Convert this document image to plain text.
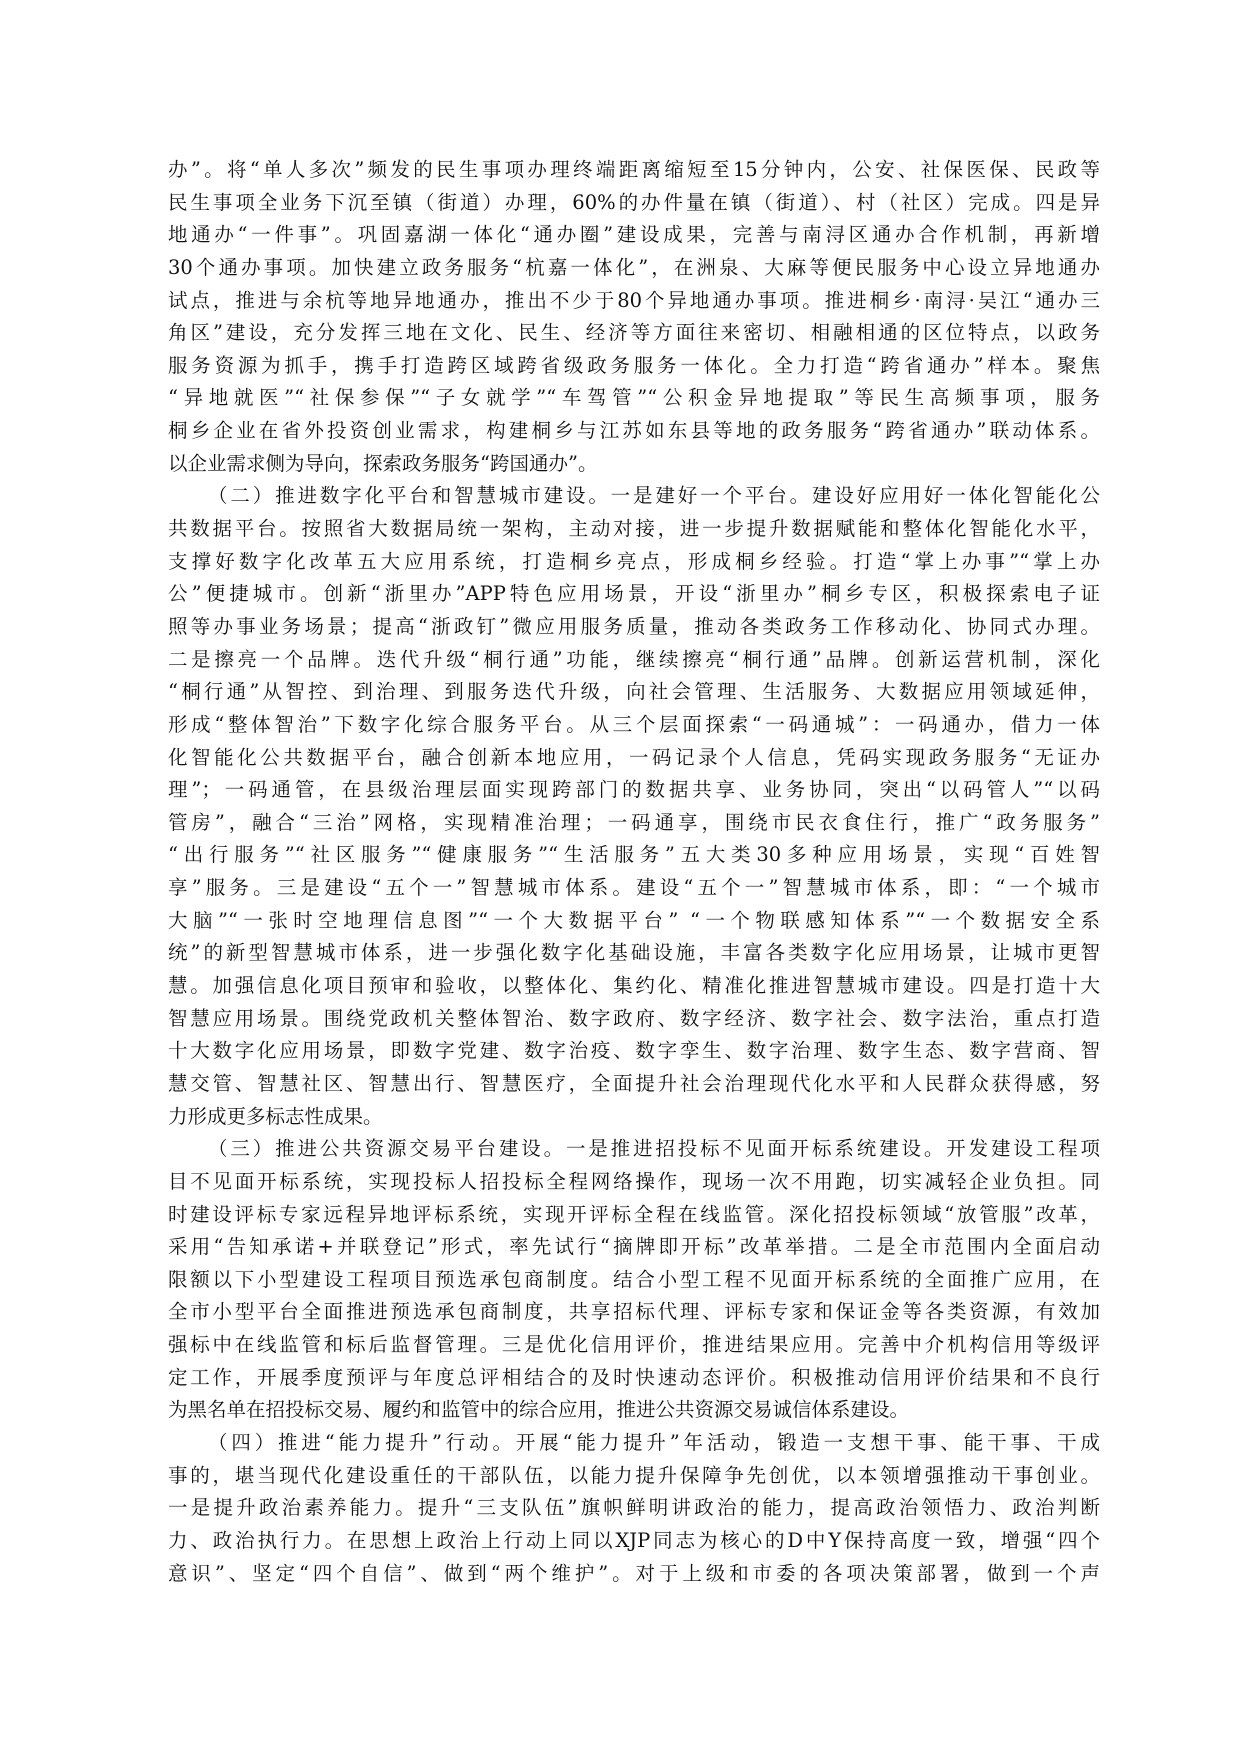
办”。将“单人多次”频发的民生事项办理终端距离缩短至15分钟内，公安、社保医保、民政等
民生事项全业务下沉至镇（街道）办理，60%的办件量在镇（街道）、村（社区）完成。四是异
地通办“一件事”。巩固嘉湖一体化“通办圈”建设成果，完善与南浔区通办合作机制，再新增
30个通办事项。加快建立政务服务“杭嘉一体化”，在洲泉、大麻等便民服务中心设立异地通办
试点，推进与余杭等地异地通办，推出不少于80个异地通办事项。推进桐乡·南浔·吴江“通办三
角区”建设，充分发挥三地在文化、民生、经济等方面往来密切、相融相通的区位特点，以政务
服务资源为抓手，携手打造跨区域跨省级政务服务一体化。全力打造“跨省通办”样本。聚焦
“异地就医”“社保参保”“子女就学”“车驾管”“公积金异地提取”等民生高频事项，服务
桐乡企业在省外投资创业需求，构建桐乡与江苏如东县等地的政务服务“跨省通办”联动体系。
以企业需求侧为导向，探索政务服务“跨国通办”。
（二）推进数字化平台和智慧城市建设。一是建好一个平台。建设好应用好一体化智能化公
共数据平台。按照省大数据局统一架构，主动对接，进一步提升数据赋能和整体化智能化水平，
支撑好数字化改革五大应用系统，打造桐乡亮点，形成桐乡经验。打造“掌上办事”“掌上办
公”便捷城市。创新“浙里办”APP特色应用场景，开设“浙里办”桐乡专区，积极探索电子证
照等办事业务场景；提高“浙政钉”微应用服务质量，推动各类政务工作移动化、协同式办理。
二是擦亮一个品牌。迭代升级“桐行通”功能，继续擦亮“桐行通”品牌。创新运营机制，深化
“桐行通”从智控、到治理、到服务迭代升级，向社会管理、生活服务、大数据应用领域延伸，
形成“整体智治”下数字化综合服务平台。从三个层面探索“一码通城”：一码通办，借力一体
化智能化公共数据平台，融合创新本地应用，一码记录个人信息，凭码实现政务服务“无证办
理”；一码通管，在县级治理层面实现跨部门的数据共享、业务协同，突出“以码管人”“以码
管房”，融合“三治”网格，实现精准治理；一码通享，围绕市民衣食住行，推广“政务服务”
“出行服务”“社区服务”“健康服务”“生活服务”五大类30多种应用场景，实现“百姓智
享”服务。三是建设“五个一”智慧城市体系。建设“五个一”智慧城市体系，即：“一个城市
大脑”“一张时空地理信息图”“一个大数据平台” “一个物联感知体系”“一个数据安全系
统”的新型智慧城市体系，进一步强化数字化基础设施，丰富各类数字化应用场景，让城市更智
慧。加强信息化项目预审和验收，以整体化、集约化、精准化推进智慧城市建设。四是打造十大
智慧应用场景。围绕党政机关整体智治、数字政府、数字经济、数字社会、数字法治，重点打造
十大数字化应用场景，即数字党建、数字治疫、数字孪生、数字治理、数字生态、数字营商、智
慧交管、智慧社区、智慧出行、智慧医疗，全面提升社会治理现代化水平和人民群众获得感，努
力形成更多标志性成果。
（三）推进公共资源交易平台建设。一是推进招投标不见面开标系统建设。开发建设工程项
目不见面开标系统，实现投标人招投标全程网络操作，现场一次不用跑，切实减轻企业负担。同
时建设评标专家远程异地评标系统，实现开评标全程在线监管。深化招投标领域“放管服”改革，
采用“告知承诺+并联登记”形式，率先试行“摘牌即开标”改革举措。二是全市范围内全面启动
限额以下小型建设工程项目预选承包商制度。结合小型工程不见面开标系统的全面推广应用，在
全市小型平台全面推进预选承包商制度，共享招标代理、评标专家和保证金等各类资源，有效加
强标中在线监管和标后监督管理。三是优化信用评价，推进结果应用。完善中介机构信用等级评
定工作，开展季度预评与年度总评相结合的及时快速动态评价。积极推动信用评价结果和不良行
为黑名单在招投标交易、履约和监管中的综合应用，推进公共资源交易诚信体系建设。
（四）推进“能力提升”行动。开展“能力提升”年活动，锻造一支想干事、能干事、干成
事的，堪当现代化建设重任的干部队伍，以能力提升保障争先创优，以本领增强推动干事创业。
一是提升政治素养能力。提升“三支队伍”旗帜鲜明讲政治的能力，提高政治领悟力、政治判断
力、政治执行力。在思想上政治上行动上同以XJP同志为核心的D中Y保持高度一致，增强“四个
意识”、坚定“四个自信”、做到“两个维护”。对于上级和市委的各项决策部署，做到一个声
